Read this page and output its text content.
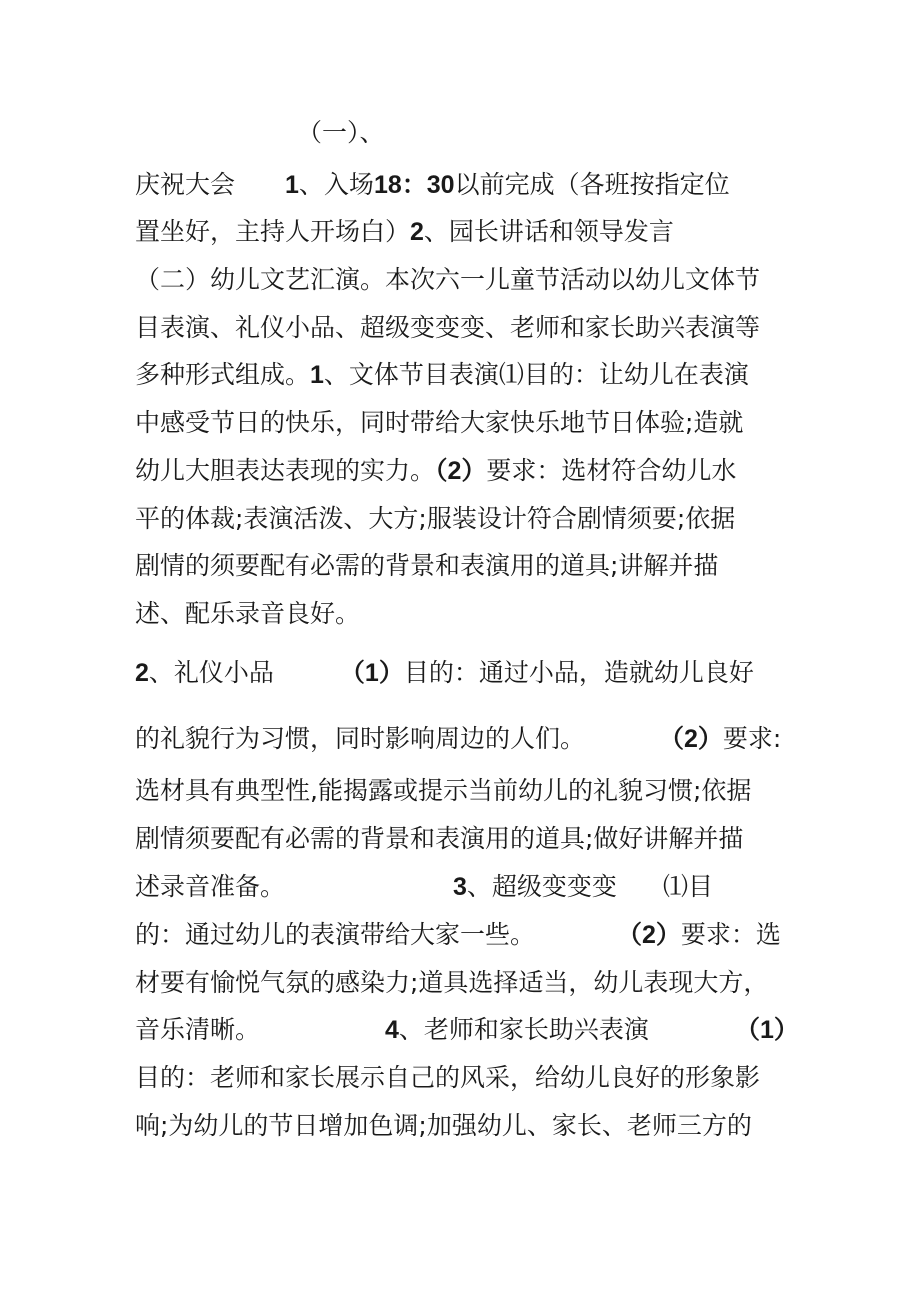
（一）、
庆祝大会 1、入场18：30以前完成（各班按指定位
置坐好，主持人开场白）2、园长讲话和领导发言
（二）幼儿文艺汇演。本次六一儿童节活动以幼儿文体节
目表演、礼仪小品、超级变变变、老师和家长助兴表演等
多种形式组成。1、文体节目表演⑴目的：让幼儿在表演
中感受节日的快乐，同时带给大家快乐地节日体验;造就
幼儿大胆表达表现的实力。（2）要求：选材符合幼儿水
平的体裁;表演活泼、大方;服装设计符合剧情须要;依据
剧情的须要配有必需的背景和表演用的道具;讲解并描
述、配乐录音良好。
2、礼仪小品	（1）目的：通过小品，造就幼儿良好
的礼貌行为习惯，同时影响周边的人们。	（2）要求:
选材具有典型性,能揭露或提示当前幼儿的礼貌习惯;依据
剧情须要配有必需的背景和表演用的道具;做好讲解并描
述录音准备。	3、超级变变变 ⑴目
的：通过幼儿的表演带给大家一些。	（2）要求：选
材要有愉悦气氛的感染力;道具选择适当，幼儿表现大方，
音乐清晰。	4、老师和家长助兴表演	（1）
目的：老师和家长展示自己的风采，给幼儿良好的形象影
响;为幼儿的节日增加色调;加强幼儿、家长、老师三方的
